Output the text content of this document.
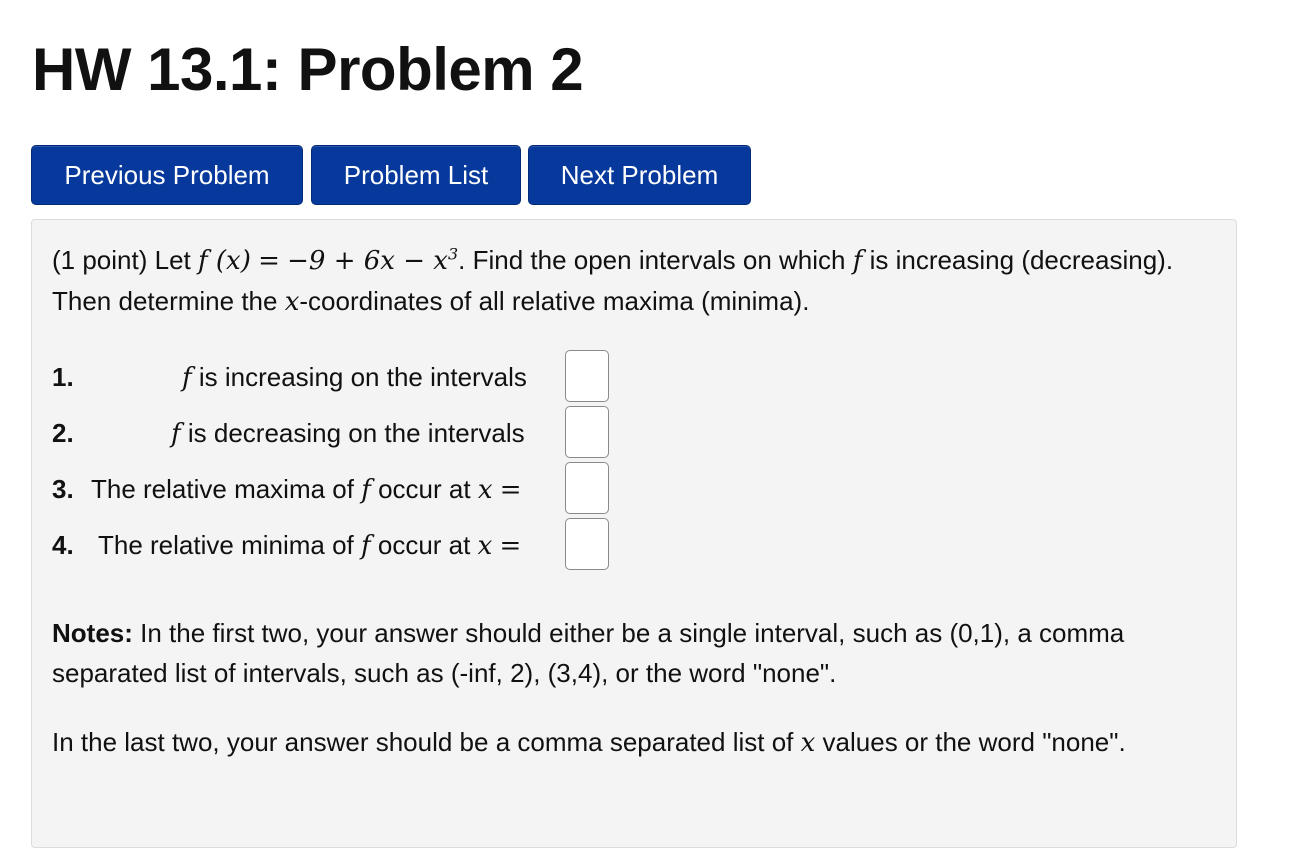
HW 13.1: Problem 2
Previous Problem	Problem List	Next Problem

(1 point) Let f $(x) = -9 + 6x - x^3$. Find the open intervals on which f is increasing (decreasing). Then determine the x-coordinates of all relative maxima (minima).

1.	f is increasing on the intervals
2.	f is decreasing on the intervals
3. The relative maxima of f occur at x =
4. The relative minima of f occur at x =

Notes: In the first two, your answer should either be a single interval, such as (0,1), a comma separated list of intervals, such as (-inf, 2), (3,4), or the word "none".

In the last two, your answer should be a comma separated list of x values or the word "none".
